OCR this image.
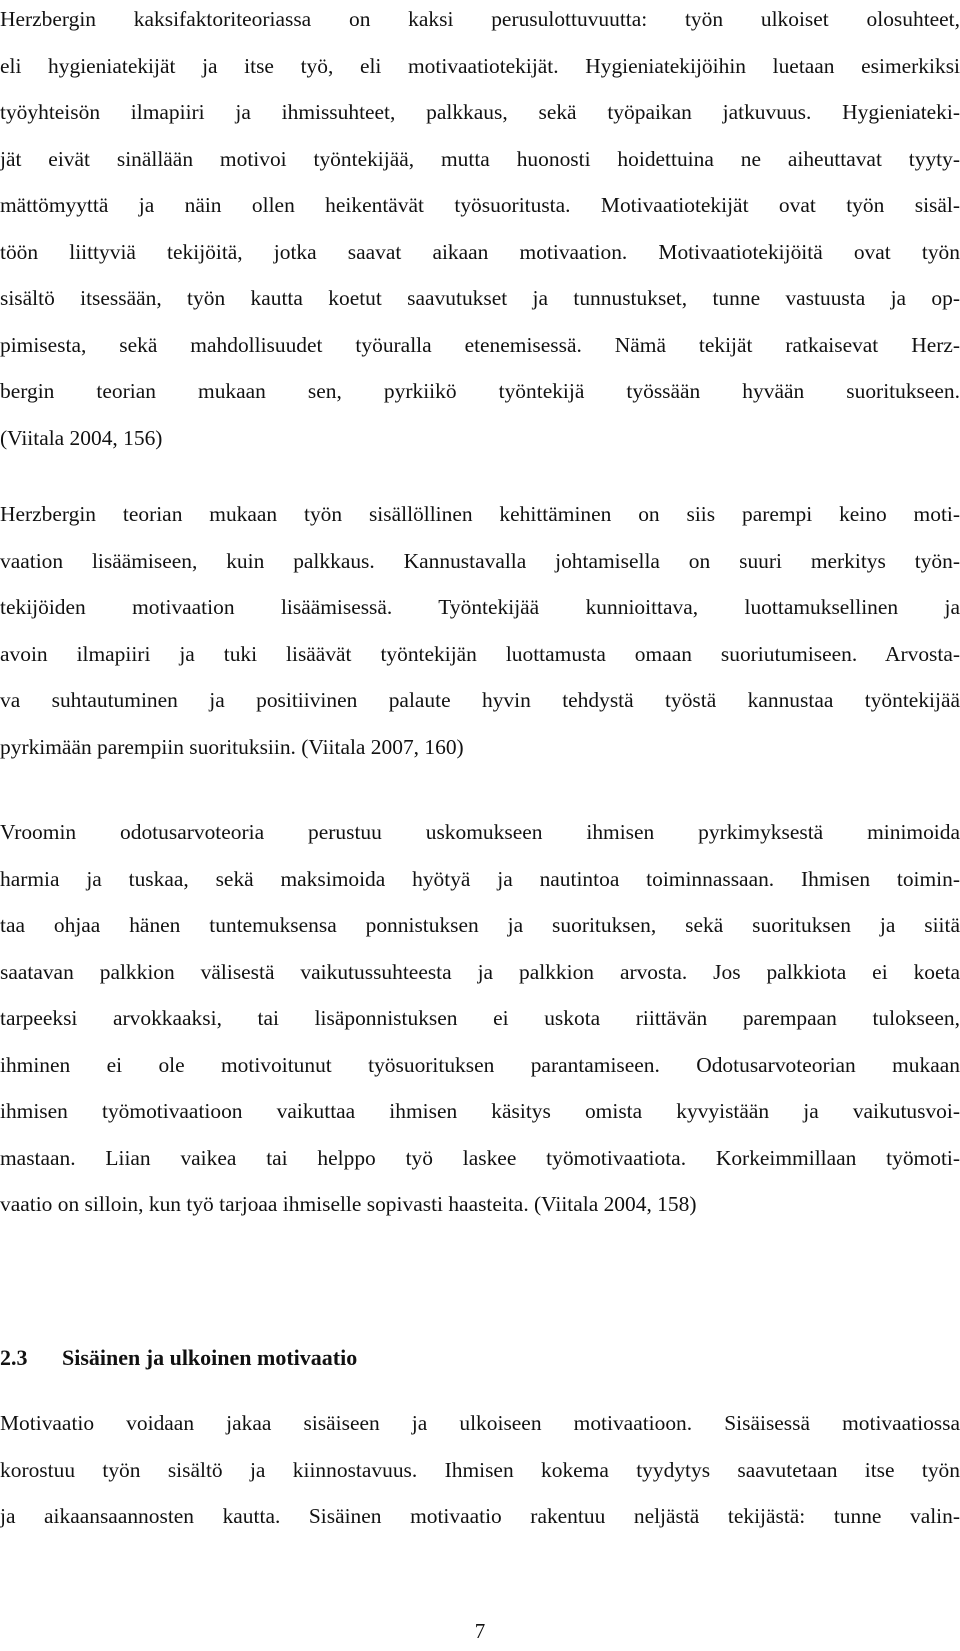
Herzbergin kaksifaktoriteoriassa on kaksi perusulottuvuutta: työn ulkoiset olosuhteet,
eli hygieniatekijät ja itse työ, eli motivaatiotekijät. Hygieniatekijöihin luetaan esimerkiksi
työyhteisön ilmapiiri ja ihmissuhteet, palkkaus, sekä työpaikan jatkuvuus. Hygieniateki-
jät eivät sinällään motivoi työntekijää, mutta huonosti hoidettuina ne aiheuttavat tyyty-
mättömyyttä ja näin ollen heikentävät työsuoritusta. Motivaatiotekijät ovat työn sisäl-
töön liittyviä tekijöitä, jotka saavat aikaan motivaation. Motivaatiotekijöitä ovat työn
sisältö itsessään, työn kautta koetut saavutukset ja tunnustukset, tunne vastuusta ja op-
pimisesta, sekä mahdollisuudet työuralla etenemisessä. Nämä tekijät ratkaisevat Herz-
bergin teorian mukaan sen, pyrkiikö työntekijä työssään hyvään suoritukseen.
(Viitala 2004, 156)
Herzbergin teorian mukaan työn sisällöllinen kehittäminen on siis parempi keino moti-
vaation lisäämiseen, kuin palkkaus. Kannustavalla johtamisella on suuri merkitys työn-
tekijöiden motivaation lisäämisessä. Työntekijää kunnioittava, luottamuksellinen ja
avoin ilmapiiri ja tuki lisäävät työntekijän luottamusta omaan suoriutumiseen. Arvosta-
va suhtautuminen ja positiivinen palaute hyvin tehdystä työstä kannustaa työntekijää
pyrkimään parempiin suorituksiin. (Viitala 2007, 160)
Vroomin odotusarvoteoria perustuu uskomukseen ihmisen pyrkimyksestä minimoida
harmia ja tuskaa, sekä maksimoida hyötyä ja nautintoa toiminnassaan. Ihmisen toimin-
taa ohjaa hänen tuntemuksensa ponnistuksen ja suorituksen, sekä suorituksen ja siitä
saatavan palkkion välisestä vaikutussuhteesta ja palkkion arvosta. Jos palkkiota ei koeta
tarpeeksi arvokkaaksi, tai lisäponnistuksen ei uskota riittävän parempaan tulokseen,
ihminen ei ole motivoitunut työsuorituksen parantamiseen. Odotusarvoteorian mukaan
ihmisen työmotivaatioon vaikuttaa ihmisen käsitys omista kyvyistään ja vaikutusvoi-
mastaan. Liian vaikea tai helppo työ laskee työmotivaatiota. Korkeimmillaan työmoti-
vaatio on silloin, kun työ tarjoaa ihmiselle sopivasti haasteita. (Viitala 2004, 158)
2.3 Sisäinen ja ulkoinen motivaatio
Motivaatio voidaan jakaa sisäiseen ja ulkoiseen motivaatioon. Sisäisessä motivaatiossa
korostuu työn sisältö ja kiinnostavuus. Ihmisen kokema tyydytys saavutetaan itse työn
ja aikaansaannosten kautta. Sisäinen motivaatio rakentuu neljästä tekijästä: tunne valin-
7
